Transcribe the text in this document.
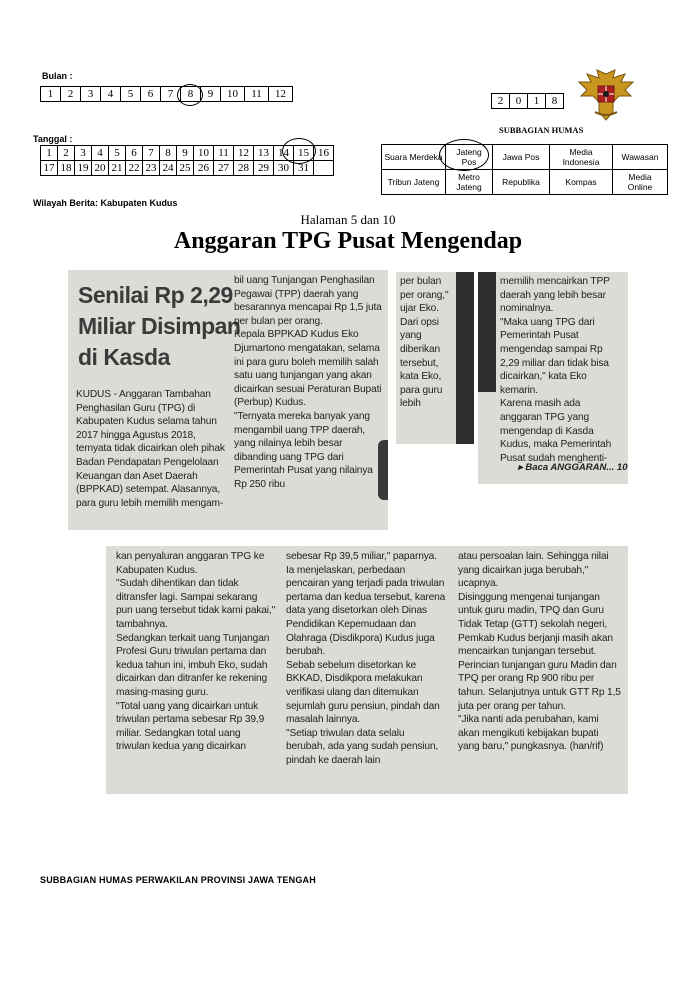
Bulan :
1	2	3	4	5	6	7	8	9	10	11	12
2	0	1	8
SUBBAGIAN HUMAS
Tanggal :
1	2	3	4	5	6	7	8	9	10	11	12	13	14	15	16
17	18	19	20	21	22	23	24	25	26	27	28	29	30	31	
Suara Merdeka	Jateng Pos	Jawa Pos	Media Indonesia	Wawasan
Tribun Jateng	Metro Jateng	Republika	Kompas	Media Online
Wilayah Berita: Kabupaten Kudus
Halaman 5 dan 10
Anggaran TPG Pusat Mengendap
Senilai Rp 2,29
Miliar Disimpan
di Kasda
KUDUS - Anggaran Tambahan Penghasilan Guru (TPG) di Kabupaten Kudus selama tahun 2017 hingga Agustus 2018, ternyata tidak dicairkan oleh pihak Badan Pendapatan Pengelolaan Keuangan dan Aset Daerah (BPPKAD) setempat. Alasannya, para guru lebih memilih mengam-
bil uang Tunjangan Penghasilan Pegawai (TPP) daerah yang besarannya mencapai Rp 1,5 juta per bulan per orang.
Kepala BPPKAD Kudus Eko Djumartono mengatakan, selama ini para guru boleh memilih salah satu uang tunjangan yang akan dicairkan sesuai Peraturan Bupati (Perbup) Kudus.
"Ternyata mereka banyak yang mengambil uang TPP daerah, yang nilainya lebih besar dibanding uang TPG dari Pemerintah Pusat yang nilainya Rp 250 ribu
per bulan per orang," ujar Eko.
Dari opsi yang diberikan tersebut, kata Eko, para guru lebih
memilih mencairkan TPP daerah yang lebih besar nominalnya.
"Maka uang TPG dari Pemerintah Pusat mengendap sampai Rp 2,29 miliar dan tidak bisa dicairkan," kata Eko kemarin.
Karena masih ada anggaran TPG yang mengendap di Kasda Kudus, maka Pemerintah Pusat sudah menghenti-
▸ Baca ANGGARAN... 10
kan penyaluran anggaran TPG ke Kabupaten Kudus.
"Sudah dihentikan dan tidak ditransfer lagi. Sampai sekarang pun uang tersebut tidak kami pakai," tambahnya.
Sedangkan terkait uang Tunjangan Profesi Guru triwulan pertama dan kedua tahun ini, imbuh Eko, sudah dicairkan dan ditranfer ke rekening masing-masing guru.
"Total uang yang dicairkan untuk triwulan pertama sebesar Rp 39,9 miliar. Sedangkan total uang triwulan kedua yang dicairkan
sebesar Rp 39,5 miliar," paparnya.
Ia menjelaskan, perbedaan pencairan yang terjadi pada triwulan pertama dan kedua tersebut, karena data yang disetorkan oleh Dinas Pendidikan Kepemudaan dan Olahraga (Disdikpora) Kudus juga berubah.
Sebab sebelum disetorkan ke BKKAD, Disdikpora melakukan verifikasi ulang dan ditemukan sejumlah guru pensiun, pindah dan masalah lainnya.
"Setiap triwulan data selalu berubah, ada yang sudah pensiun, pindah ke daerah lain
atau persoalan lain. Sehingga nilai yang dicairkan juga berubah," ucapnya.
Disinggung mengenai tunjangan untuk guru madin, TPQ dan Guru Tidak Tetap (GTT) sekolah negeri, Pemkab Kudus berjanji masih akan mencairkan tunjangan tersebut.
Perincian tunjangan guru Madin dan TPQ per orang Rp 900 ribu per tahun. Selanjutnya untuk GTT Rp 1,5 juta per orang per tahun.
"Jika nanti ada perubahan, kami akan mengikuti kebijakan bupati yang baru," pungkasnya. (han/rif)
SUBBAGIAN HUMAS PERWAKILAN PROVINSI JAWA TENGAH
